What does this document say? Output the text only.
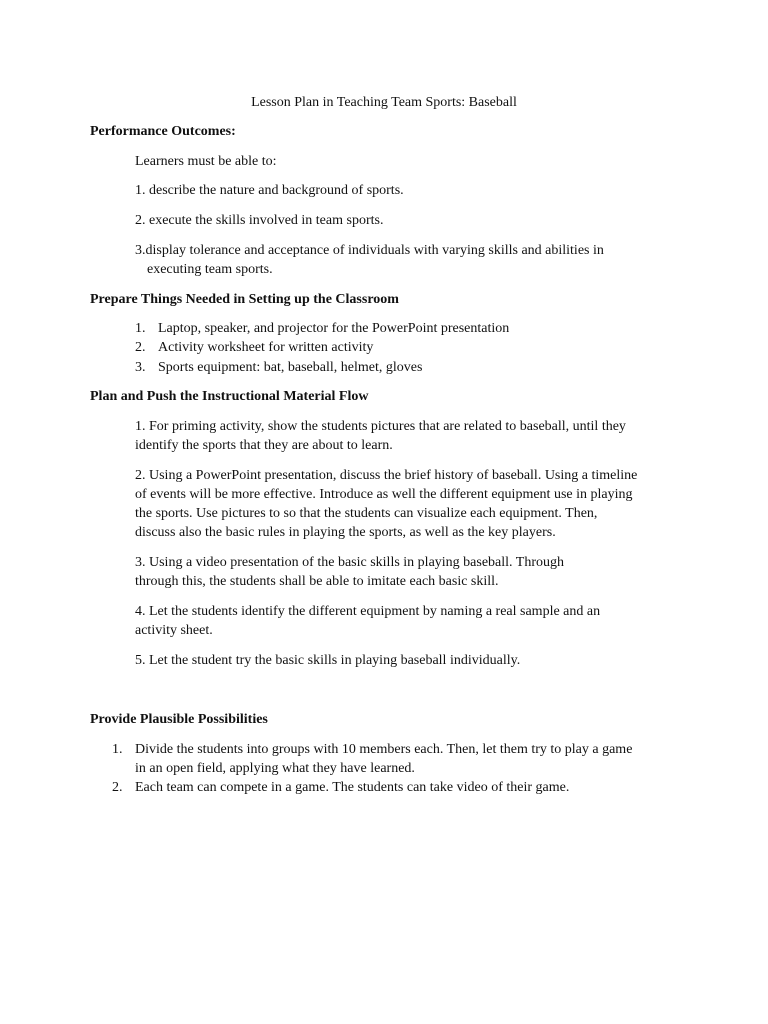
Lesson Plan in Teaching Team Sports: Baseball
Performance Outcomes:
Learners must be able to:
1. describe the nature and background of sports.
2. execute the skills involved in team sports.
3.display tolerance and acceptance of individuals with varying skills and abilities in
executing team sports.
Prepare Things Needed in Setting up the Classroom
1. Laptop, speaker, and projector for the PowerPoint presentation
2. Activity worksheet for written activity
3. Sports equipment: bat, baseball, helmet, gloves
Plan and Push the Instructional Material Flow
1. For priming activity, show the students pictures that are related to baseball, until they
identify the sports that they are about to learn.
2. Using a PowerPoint presentation, discuss the brief history of baseball. Using a timeline
of events will be more effective. Introduce as well the different equipment use in playing
the sports. Use pictures to so that the students can visualize each equipment. Then,
discuss also the basic rules in playing the sports, as well as the key players.
3. Using a video presentation of the basic skills in playing baseball. Through
through this, the students shall be able to imitate each basic skill.
4. Let the students identify the different equipment by naming a real sample and an
activity sheet.
5. Let the student try the basic skills in playing baseball individually.
Provide Plausible Possibilities
1. Divide the students into groups with 10 members each. Then, let them try to play a game
in an open field, applying what they have learned.
2. Each team can compete in a game. The students can take video of their game.
